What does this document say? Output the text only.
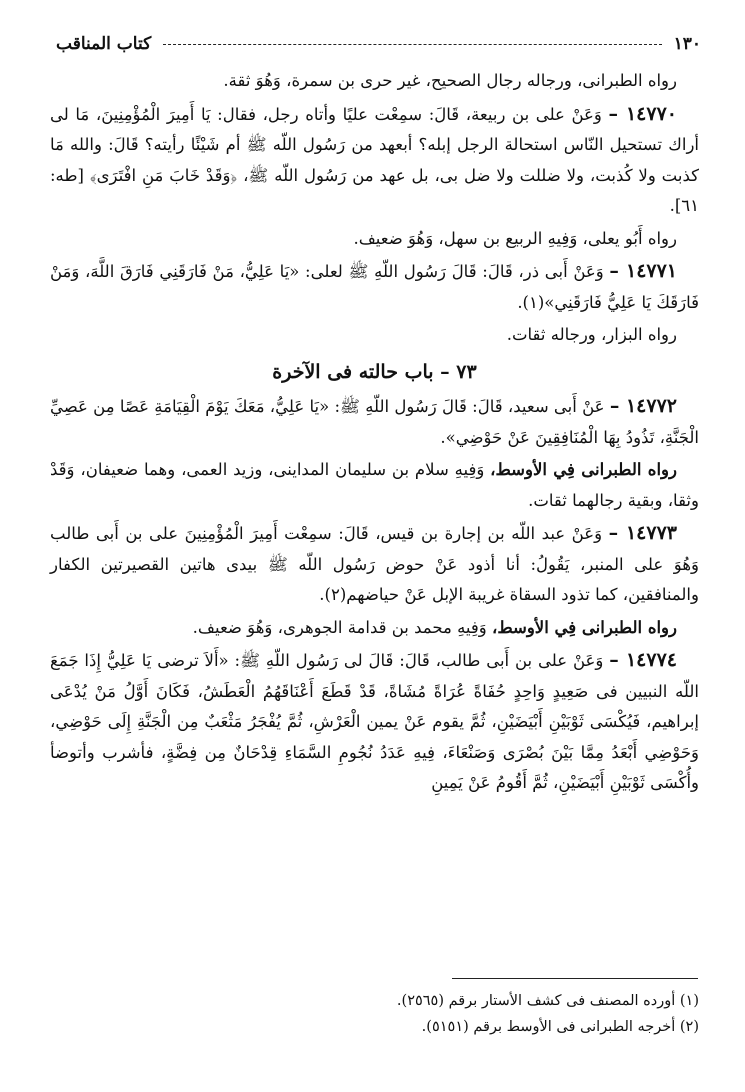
١٣٠
كتاب المناقب

رواه الطبرانى، ورجاله رجال الصحيح، غير حرى بن سمرة، وَهُوَ ثقة.

١٤٧٧٠ – وَعَنْ على بن ربيعة، قَالَ: سمِعْت عليًا وأتاه رجل، فقال: يَا أَمِيرَ الْمُؤْمِنِينَ، مَا لى أراك تستحيل النّاس استحالة الرجل إبله؟ أبعهد من رَسُول اللّه ﷺ أم شَيْئًا رأيته؟ قَالَ: والله مَا كذبت ولا كُذبت، ولا ضللت ولا ضل بى، بل عهد من رَسُول اللّه ﷺ، ﴿وَقَدْ خَابَ مَنِ افْتَرَى﴾ [طه: ٦١].

رواه أَبُو يعلى، وَفِيهِ الربيع بن سهل، وَهُوَ ضعيف.

١٤٧٧١ – وَعَنْ أَبى ذر، قَالَ: قَالَ رَسُول اللّهِ ﷺ لعلى: «يَا عَلِيُّ، مَنْ فَارَقَنِي فَارَقَ اللَّهَ، وَمَنْ فَارَقَكَ يَا عَلِيُّ فَارَقَنِي»(١).

رواه البزار، ورجاله ثقات.

٧٣ – باب حالته فى الآخرة

١٤٧٧٢ – عَنْ أَبى سعيد، قَالَ: قَالَ رَسُول اللّهِ ﷺ: «يَا عَلِيُّ، مَعَكَ يَوْمَ الْقِيَامَةِ عَصًا مِن عَصِيِّ الْجَنَّةِ، تَذُودُ بِهَا الْمُنَافِقِينَ عَنْ حَوْضِي».

رواه الطبرانى فِي الأوسط، وَفِيهِ سلام بن سليمان المداينى، وزيد العمى، وهما ضعيفان، وَقَدْ وثقا، وبقية رجالهما ثقات.

١٤٧٧٣ – وَعَنْ عبد اللّه بن إجارة بن قيس، قَالَ: سمِعْت أَمِيرَ الْمُؤْمِنِينَ على بن أَبى طالب وَهُوَ على المنبر، يَقُولُ: أنا أذود عَنْ حوض رَسُول اللّه ﷺ بيدى هاتين القصيرتين الكفار والمنافقين، كما تذود السقاة غريبة الإبل عَنْ حياضهم(٢).

رواه الطبرانى فِي الأوسط، وَفِيهِ محمد بن قدامة الجوهرى، وَهُوَ ضعيف.

١٤٧٧٤ – وَعَنْ على بن أَبى طالب، قَالَ: قَالَ لى رَسُول اللّهِ ﷺ: «أَلاَ ترضى يَا عَلِيُّ إِذَا جَمَعَ اللّه النبيين فى صَعِيدٍ وَاحِدٍ حُفَاةً عُرَاةً مُشَاةً، قَدْ قَطَعَ أَعْنَاقَهُمُ الْعَطَشُ، فَكَانَ أَوَّلُ مَنْ يُدْعَى إبراهيم، فَيُكْسَى ثَوْبَيْنِ أَبْيَضَيْنِ، ثُمَّ يقوم عَنْ يمين الْعَرْشِ، ثُمَّ يُفْجَرُ مَثْعَبٌ مِن الْجَنَّةِ إِلَى حَوْضِي، وَحَوْضِي أَبْعَدُ مِمَّا بَيْنَ بُصْرَى وَصَنْعَاءَ، فِيهِ عَدَدُ نُجُومِ السَّمَاءِ قِدْحَانٌ مِن فِضَّةٍ، فأشرب وأتوضأ وأُكْسَى ثَوْبَيْنِ أَبْيَضَيْنِ، ثُمَّ أَقُومُ عَنْ يَمِينِ

(١) أورده المصنف فى كشف الأستار برقم (٢٥٦٥).

(٢) أخرجه الطبرانى فى الأوسط برقم (٥١٥١).
